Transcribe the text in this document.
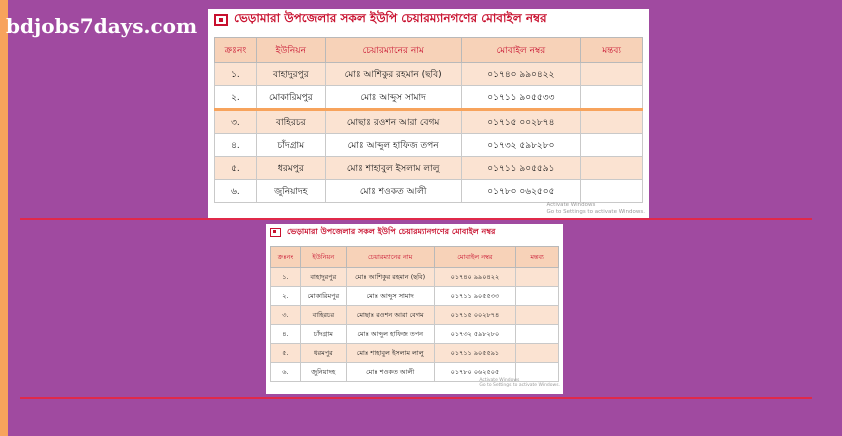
bdjobs7days.com	ভেড়ামারা উপজেলার সকল ইউপি চেয়ারম্যানগণের মোবাইল নম্বর
ক্রঃনং	ইউনিয়ন	চেয়ারম্যানের নাম	মোবাইল নম্বর	মন্তব্য
১.	বাহাদুরপুর	মোঃ আশিকুর রহমান (ছবি)	০১৭৪০ ৯৯০৪২২	
২.	মোকারিমপুর	মোঃ আব্দুস সামাদ	০১৭১১ ৯০৫৫৩৩	
৩.	বাহিরচর	মোছাঃ রওশন আরা বেগম	০১৭১৫ ০০২৮৭৪	
৪.	চাঁদগ্রাম	মোঃ আব্দুল হাফিজ তপন	০১৭৩২ ৫৯৮২৮০	
৫.	ধরমপুর	মোঃ শাহাবুল ইসলাম লালু	০১৭১১ ৯০৫৫৯১	
৬.	জুনিয়াদহ	মোঃ শওকত আলী	০১৭৮০ ০৬২৫০৫	
Activate Windows
Go to Settings to activate Windows.
ভেড়ামারা উপজেলার সকল ইউপি চেয়ারম্যানগণের মোবাইল নম্বর
ক্রঃনং	ইউনিয়ন	চেয়ারম্যানের নাম	মোবাইল নম্বর	মন্তব্য
১.	বাহাদুরপুর	মোঃ আশিকুর রহমান (ছবি)	০১৭৪০ ৯৯০৪২২	
২.	মোকারিমপুর	মোঃ আব্দুস সামাদ	০১৭১১ ৯০৫৫৩৩	
৩.	বাহিরচর	মোছাঃ রওশন আরা বেগম	০১৭১৫ ০০২৮৭৪	
৪.	চাঁদগ্রাম	মোঃ আব্দুল হাফিজ তপন	০১৭৩২ ৫৯৮২৮০	
৫.	ধরমপুর	মোঃ শাহাবুল ইসলাম লালু	০১৭১১ ৯০৫৫৯১	
৬.	জুনিয়াদহ	মোঃ শওকত আলী	০১৭৮০ ০৬২৫০৫	
Activate Windows
Go to Settings to activate Windows.
